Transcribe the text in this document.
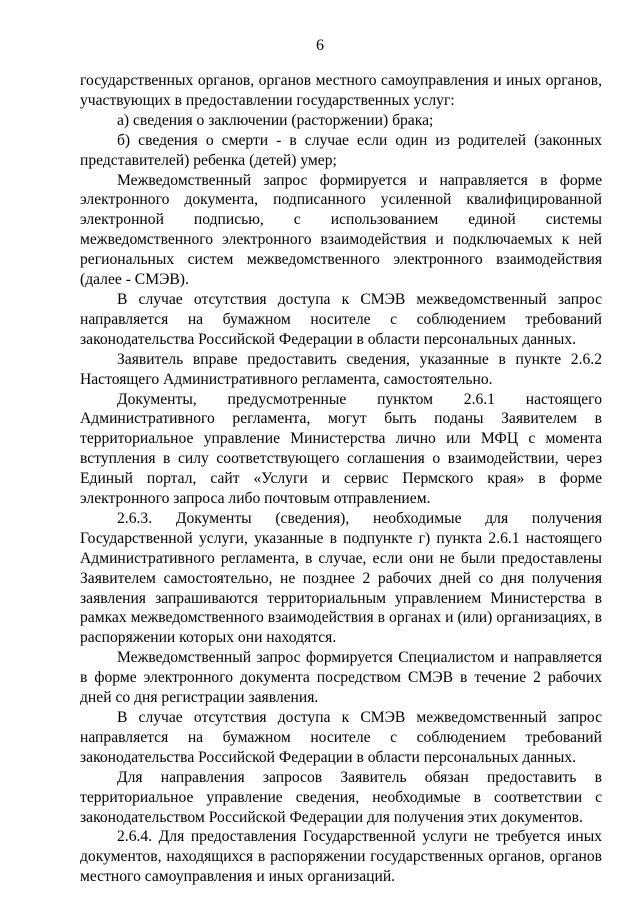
6

государственных органов, органов местного самоуправления и иных органов, участвующих в предоставлении государственных услуг:

а) сведения о заключении (расторжении) брака;

б) сведения о смерти - в случае если один из родителей (законных представителей) ребенка (детей) умер;

Межведомственный запрос формируется и направляется в форме электронного документа, подписанного усиленной квалифицированной электронной подписью, с использованием единой системы межведомственного электронного взаимодействия и подключаемых к ней региональных систем межведомственного электронного взаимодействия (далее - СМЭВ).

В случае отсутствия доступа к СМЭВ межведомственный запрос направляется на бумажном носителе с соблюдением требований законодательства Российской Федерации в области персональных данных.

Заявитель вправе предоставить сведения, указанные в пункте 2.6.2 Настоящего Административного регламента, самостоятельно.

Документы, предусмотренные пунктом 2.6.1 настоящего Административного регламента, могут быть поданы Заявителем в территориальное управление Министерства лично или МФЦ с момента вступления в силу соответствующего соглашения о взаимодействии, через Единый портал, сайт «Услуги и сервис Пермского края» в форме электронного запроса либо почтовым отправлением.

2.6.3. Документы (сведения), необходимые для получения Государственной услуги, указанные в подпункте г) пункта 2.6.1 настоящего Административного регламента, в случае, если они не были предоставлены Заявителем самостоятельно, не позднее 2 рабочих дней со дня получения заявления запрашиваются территориальным управлением Министерства в рамках межведомственного взаимодействия в органах и (или) организациях, в распоряжении которых они находятся.

Межведомственный запрос формируется Специалистом и направляется в форме электронного документа посредством СМЭВ в течение 2 рабочих дней со дня регистрации заявления.

В случае отсутствия доступа к СМЭВ межведомственный запрос направляется на бумажном носителе с соблюдением требований законодательства Российской Федерации в области персональных данных.

Для направления запросов Заявитель обязан предоставить в территориальное управление сведения, необходимые в соответствии с законодательством Российской Федерации для получения этих документов.

2.6.4. Для предоставления Государственной услуги не требуется иных документов, находящихся в распоряжении государственных органов, органов местного самоуправления и иных организаций.
